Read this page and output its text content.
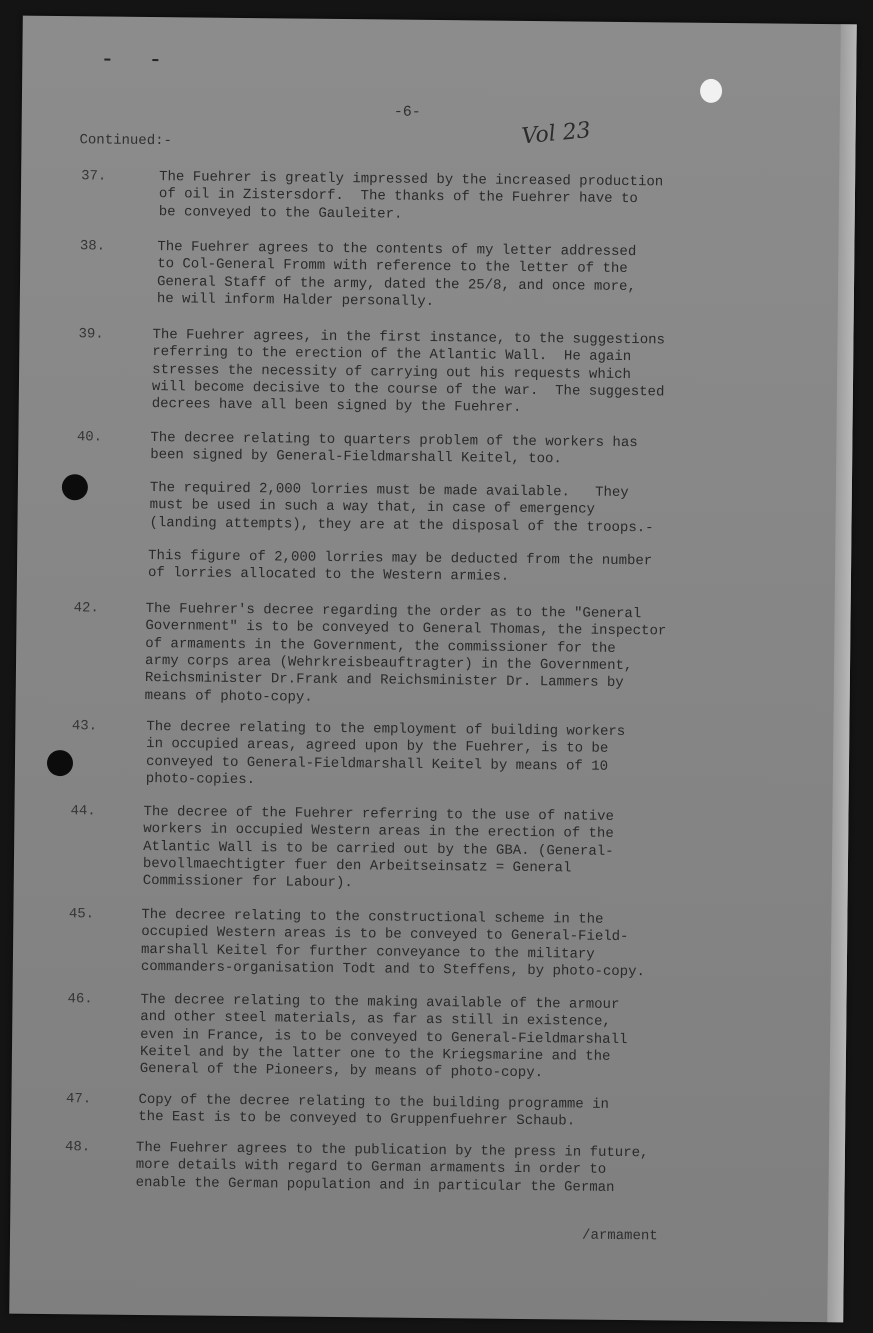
-6-
Vol 23
Continued:-
37.	The Fuehrer is greatly impressed by the increased production
of oil in Zistersdorf.  The thanks of the Fuehrer have to
be conveyed to the Gauleiter.
38.	The Fuehrer agrees to the contents of my letter addressed
to Col-General Fromm with reference to the letter of the
General Staff of the army, dated the 25/8, and once more,
he will inform Halder personally.
39.	The Fuehrer agrees, in the first instance, to the suggestions
referring to the erection of the Atlantic Wall.  He again
stresses the necessity of carrying out his requests which
will become decisive to the course of the war.  The suggested
decrees have all been signed by the Fuehrer.
40.	The decree relating to quarters problem of the workers has
been signed by General-Fieldmarshall Keitel, too.
The required 2,000 lorries must be made available.   They
must be used in such a way that, in case of emergency
(landing attempts), they are at the disposal of the troops.-
This figure of 2,000 lorries may be deducted from the number
of lorries allocated to the Western armies.
42.	The Fuehrer's decree regarding the order as to the "General
Government" is to be conveyed to General Thomas, the inspector
of armaments in the Government, the commissioner for the
army corps area (Wehrkreisbeauftragter) in the Government,
Reichsminister Dr.Frank and Reichsminister Dr. Lammers by
means of photo-copy.
43.	The decree relating to the employment of building workers
in occupied areas, agreed upon by the Fuehrer, is to be
conveyed to General-Fieldmarshall Keitel by means of 10
photo-copies.
44.	The decree of the Fuehrer referring to the use of native
workers in occupied Western areas in the erection of the
Atlantic Wall is to be carried out by the GBA. (General-
bevollmaechtigter fuer den Arbeitseinsatz = General
Commissioner for Labour).
45.	The decree relating to the constructional scheme in the
occupied Western areas is to be conveyed to General-Field-
marshall Keitel for further conveyance to the military
commanders-organisation Todt and to Steffens, by photo-copy.
46.	The decree relating to the making available of the armour
and other steel materials, as far as still in existence,
even in France, is to be conveyed to General-Fieldmarshall
Keitel and by the latter one to the Kriegsmarine and the
General of the Pioneers, by means of photo-copy.
47.	Copy of the decree relating to the building programme in
the East is to be conveyed to Gruppenfuehrer Schaub.
48.	The Fuehrer agrees to the publication by the press in future,
more details with regard to German armaments in order to
enable the German population and in particular the German
/armament
